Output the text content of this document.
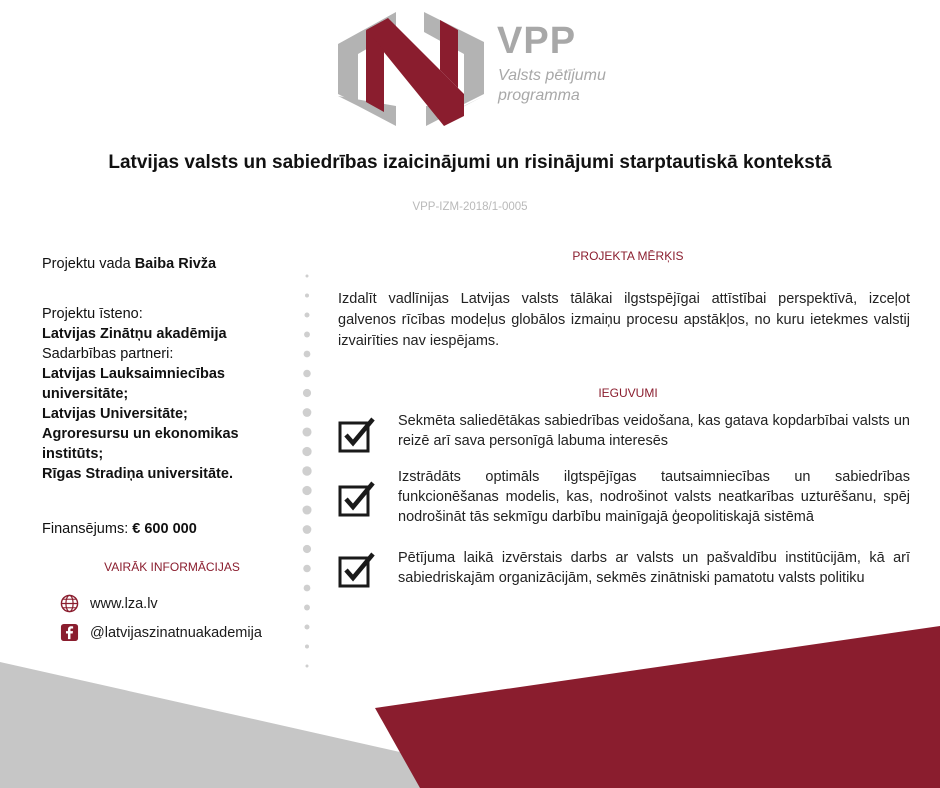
VPP
Valsts pētījumu
programma
Latvijas valsts un sabiedrības izaicinājumi un risinājumi starptautiskā kontekstā
VPP-IZM-2018/1-0005
Projektu vada Baiba Rivža
Projektu īsteno:
Latvijas Zinātņu akadēmija
Sadarbības partneri:
Latvijas Lauksaimniecības universitāte;
Latvijas Universitāte;
Agroresursu un ekonomikas institūts;
Rīgas Stradiņa universitāte.
Finansējums: € 600 000
VAIRĀK INFORMĀCIJAS
www.lza.lv
@latvijaszinatnuakademija
PROJEKTA MĒRĶIS
Izdalīt vadlīnijas Latvijas valsts tālākai ilgstspējīgai attīstībai perspektīvā, izceļot galvenos rīcības modeļus globālos izmaiņu procesu apstākļos, no kuru ietekmes valstij izvairīties nav iespējams.
IEGUVUMI
Sekmēta saliedētākas sabiedrības veidošana, kas gatava kopdarbībai valsts un reizē arī sava personīgā labuma interesēs
Izstrādāts optimāls ilgtspējīgas tautsaimniecības un sabiedrības funkcionēšanas modelis, kas, nodrošinot valsts neatkarības uzturēšanu, spēj nodrošināt tās sekmīgu darbību mainīgajā ģeopolitiskajā sistēmā
Pētījuma laikā izvērstais darbs ar valsts un pašvaldību institūcijām, kā arī sabiedriskajām organizācijām, sekmēs zinātniski pamatotu valsts politiku
